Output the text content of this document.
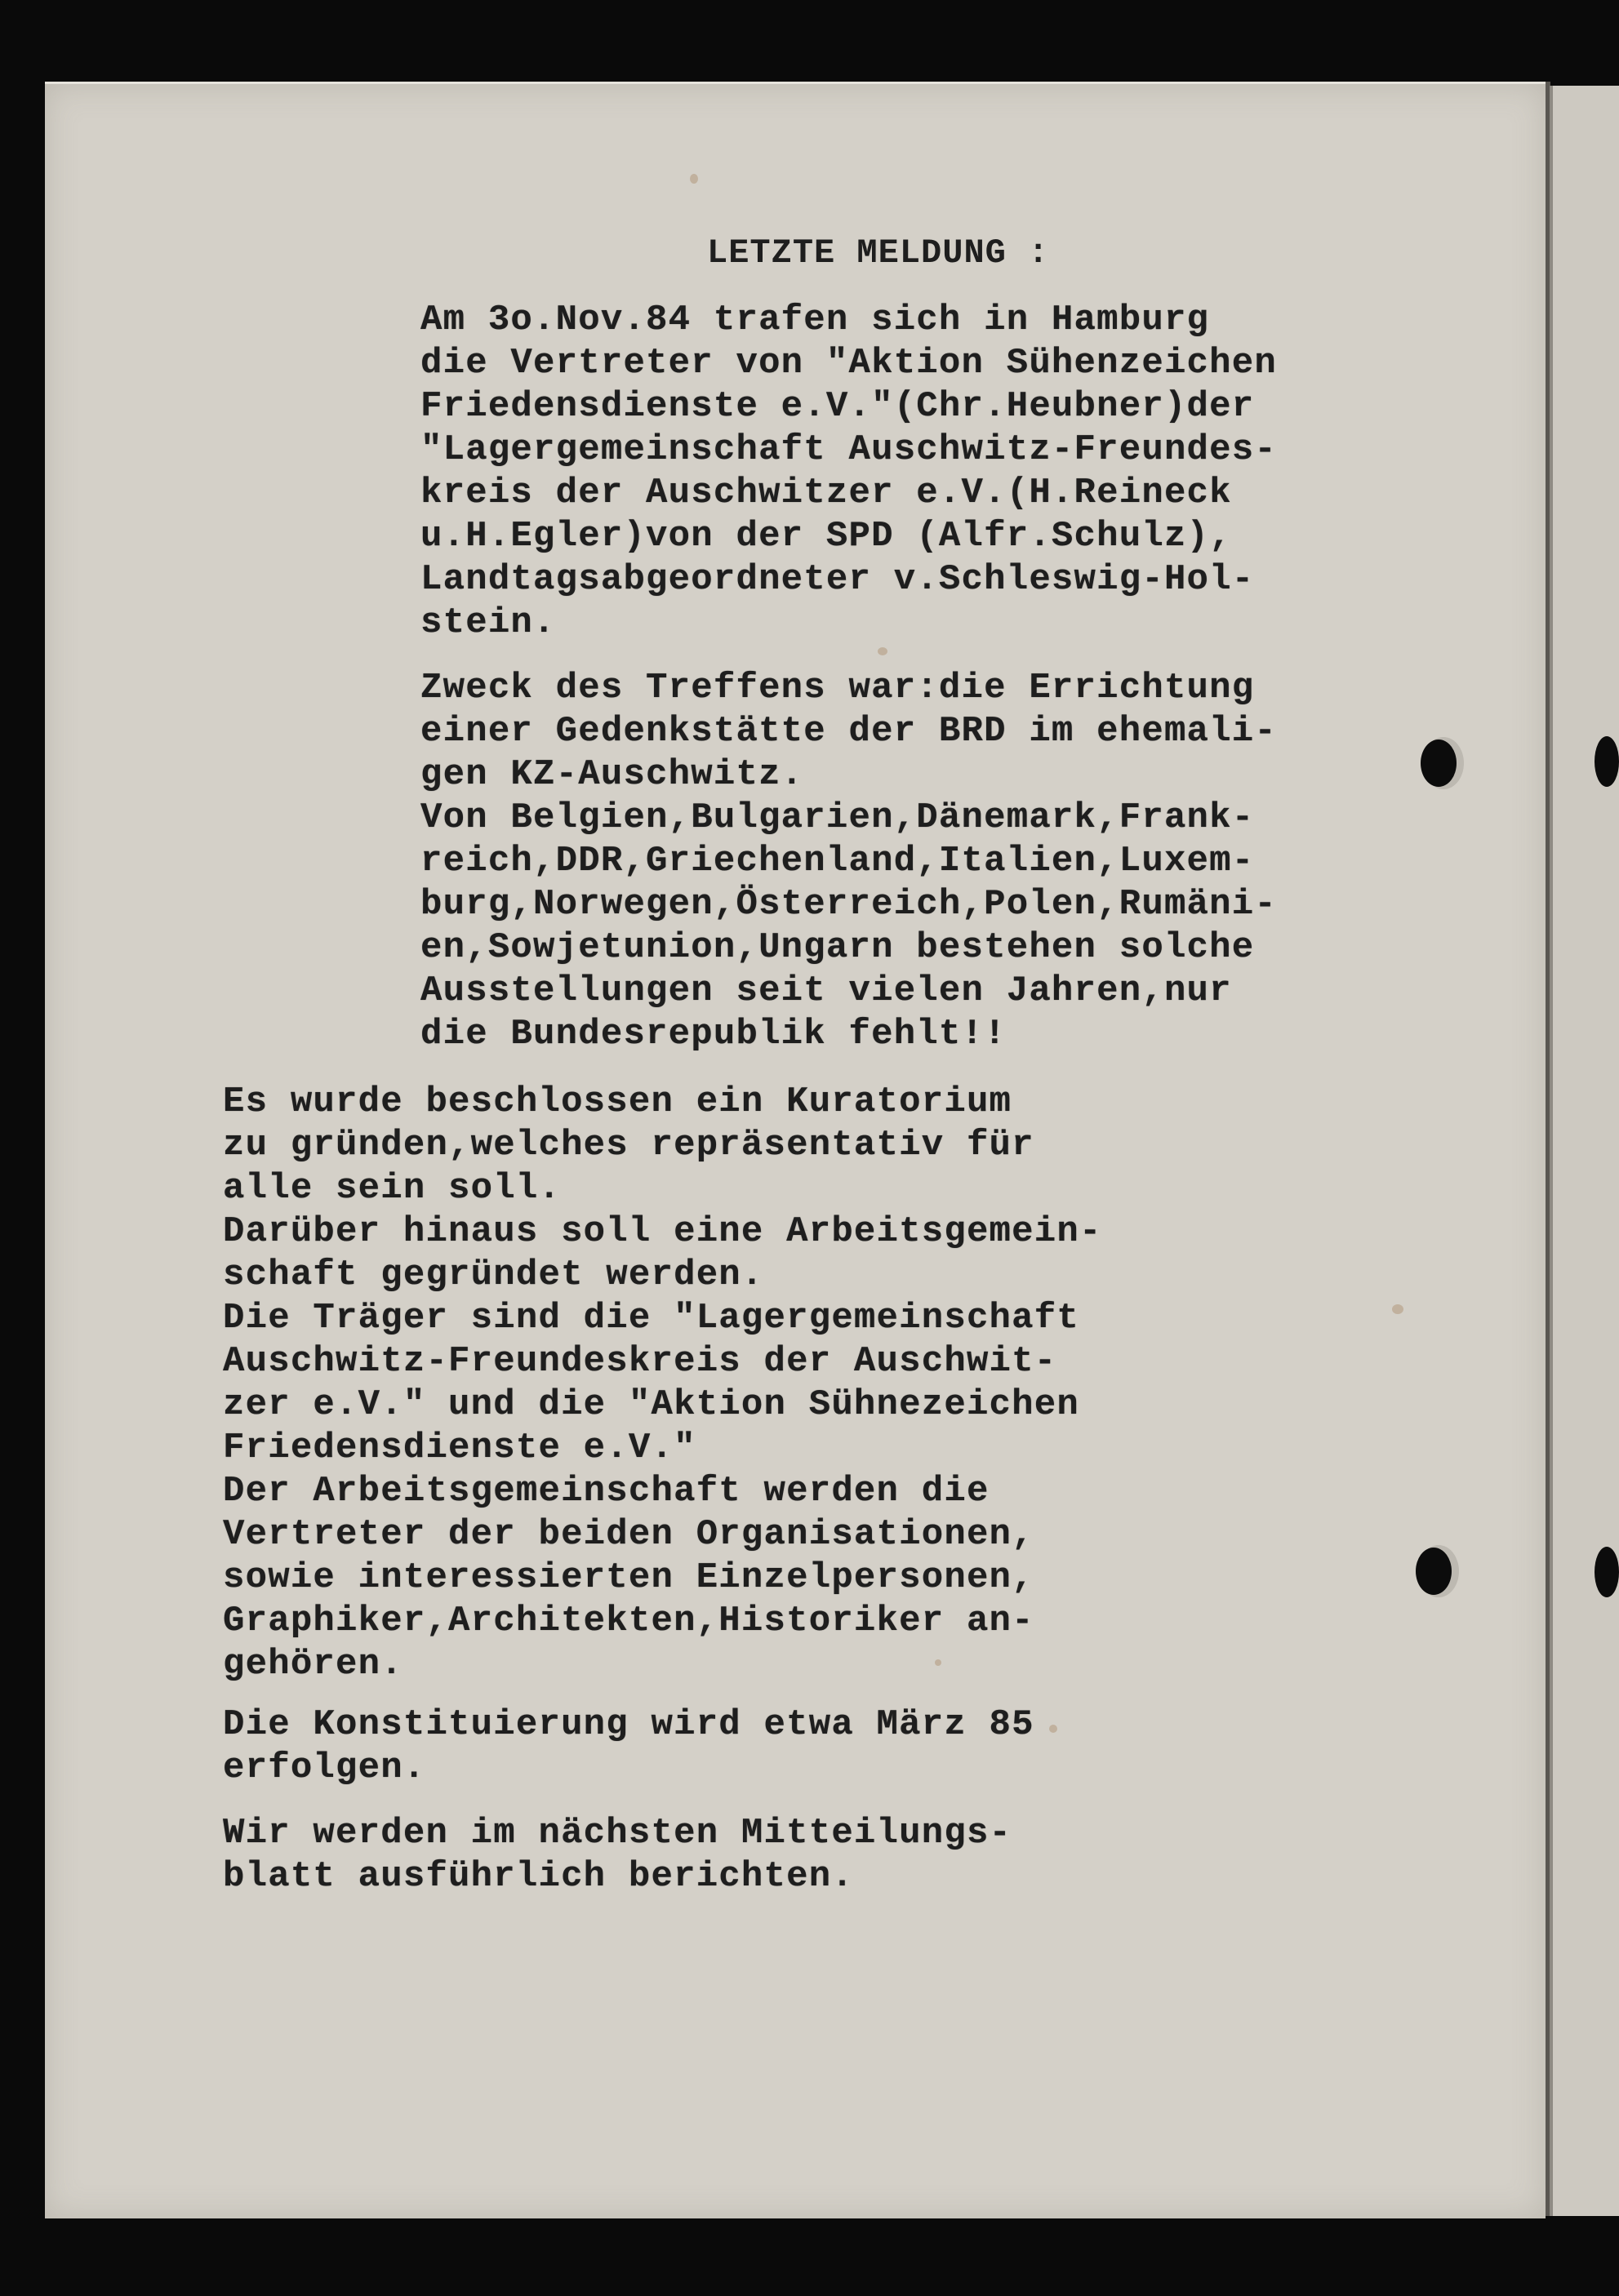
LETZTE MELDUNG :

Am 3o.Nov.84 trafen sich in Hamburg
die Vertreter von "Aktion Sühenzeichen
Friedensdienste e.V."(Chr.Heubner)der
"Lagergemeinschaft Auschwitz-Freundes-
kreis der Auschwitzer e.V.(H.Reineck
u.H.Egler)von der SPD (Alfr.Schulz),
Landtagsabgeordneter v.Schleswig-Hol-
stein.

Zweck des Treffens war:die Errichtung
einer Gedenkstätte der BRD im ehemali-
gen KZ-Auschwitz.
Von Belgien,Bulgarien,Dänemark,Frank-
reich,DDR,Griechenland,Italien,Luxem-
burg,Norwegen,Österreich,Polen,Rumäni-
en,Sowjetunion,Ungarn bestehen solche
Ausstellungen seit vielen Jahren,nur
die Bundesrepublik fehlt!!

Es wurde beschlossen ein Kuratorium
zu gründen,welches repräsentativ für
alle sein soll.
Darüber hinaus soll eine Arbeitsgemein-
schaft gegründet werden.
Die Träger sind die "Lagergemeinschaft
Auschwitz-Freundeskreis der Auschwit-
zer e.V." und die "Aktion Sühnezeichen
Friedensdienste e.V."
Der Arbeitsgemeinschaft werden die
Vertreter der beiden Organisationen,
sowie interessierten Einzelpersonen,
Graphiker,Architekten,Historiker an-
gehören.

Die Konstituierung wird etwa März 85
erfolgen.

Wir werden im nächsten Mitteilungs-
blatt ausführlich berichten.
